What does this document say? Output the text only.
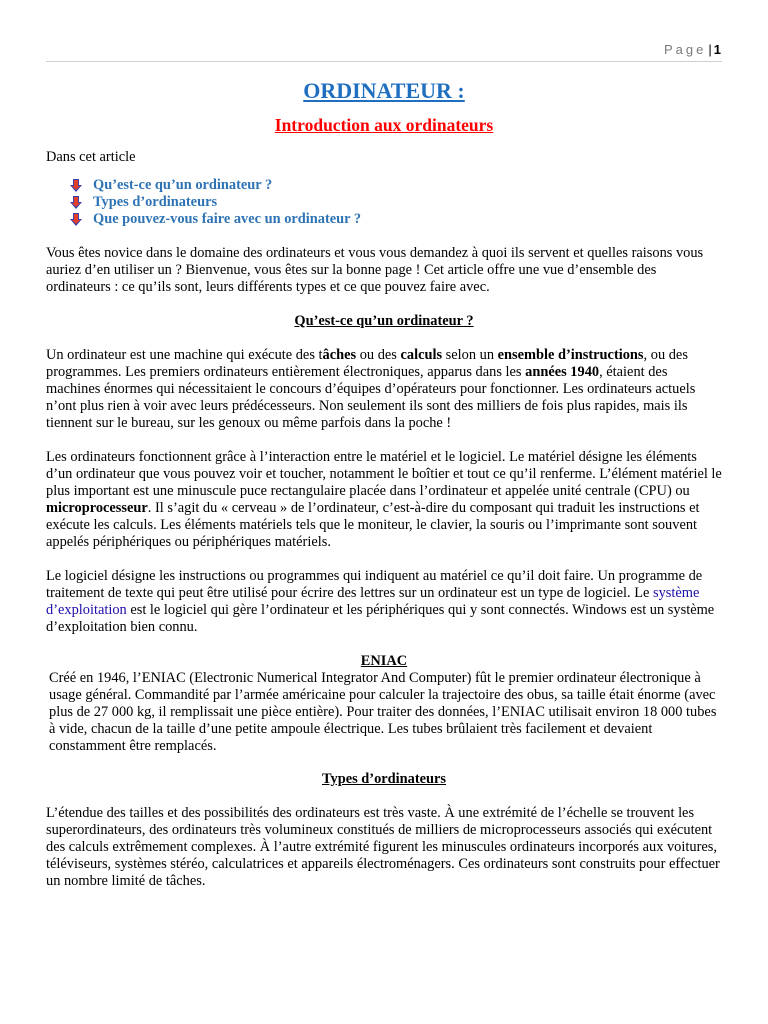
Page | 1
ORDINATEUR :
Introduction aux ordinateurs

Dans cet article

Qu’est-ce qu’un ordinateur ?
Types d’ordinateurs
Que pouvez-vous faire avec un ordinateur ?

Vous êtes novice dans le domaine des ordinateurs et vous vous demandez à quoi ils servent et quelles raisons vous auriez d’en utiliser un ? Bienvenue, vous êtes sur la bonne page ! Cet article offre une vue d’ensemble des ordinateurs : ce qu’ils sont, leurs différents types et ce que pouvez faire avec.

Qu’est-ce qu’un ordinateur ?

Un ordinateur est une machine qui exécute des tâches ou des calculs selon un ensemble d’instructions, ou des programmes. Les premiers ordinateurs entièrement électroniques, apparus dans les années 1940, étaient des machines énormes qui nécessitaient le concours d’équipes d’opérateurs pour fonctionner. Les ordinateurs actuels n’ont plus rien à voir avec leurs prédécesseurs. Non seulement ils sont des milliers de fois plus rapides, mais ils tiennent sur le bureau, sur les genoux ou même parfois dans la poche !

Les ordinateurs fonctionnent grâce à l’interaction entre le matériel et le logiciel. Le matériel désigne les éléments d’un ordinateur que vous pouvez voir et toucher, notamment le boîtier et tout ce qu’il renferme. L’élément matériel le plus important est une minuscule puce rectangulaire placée dans l’ordinateur et appelée unité centrale (CPU) ou microprocesseur. Il s’agit du « cerveau » de l’ordinateur, c’est-à-dire du composant qui traduit les instructions et exécute les calculs. Les éléments matériels tels que le moniteur, le clavier, la souris ou l’imprimante sont souvent appelés périphériques ou périphériques matériels.

Le logiciel désigne les instructions ou programmes qui indiquent au matériel ce qu’il doit faire. Un programme de traitement de texte qui peut être utilisé pour écrire des lettres sur un ordinateur est un type de logiciel. Le système d’exploitation est le logiciel qui gère l’ordinateur et les périphériques qui y sont connectés. Windows est un système d’exploitation bien connu.

ENIAC

Créé en 1946, l’ENIAC (Electronic Numerical Integrator And Computer) fût le premier ordinateur électronique à usage général. Commandité par l’armée américaine pour calculer la trajectoire des obus, sa taille était énorme (avec plus de 27 000 kg, il remplissait une pièce entière). Pour traiter des données, l’ENIAC utilisait environ 18 000 tubes à vide, chacun de la taille d’une petite ampoule électrique. Les tubes brûlaient très facilement et devaient constamment être remplacés.

Types d’ordinateurs

L’étendue des tailles et des possibilités des ordinateurs est très vaste. À une extrémité de l’échelle se trouvent les superordinateurs, des ordinateurs très volumineux constitués de milliers de microprocesseurs associés qui exécutent des calculs extrêmement complexes. À l’autre extrémité figurent les minuscules ordinateurs incorporés aux voitures, téléviseurs, systèmes stéréo, calculatrices et appareils électroménagers. Ces ordinateurs sont construits pour effectuer un nombre limité de tâches.
